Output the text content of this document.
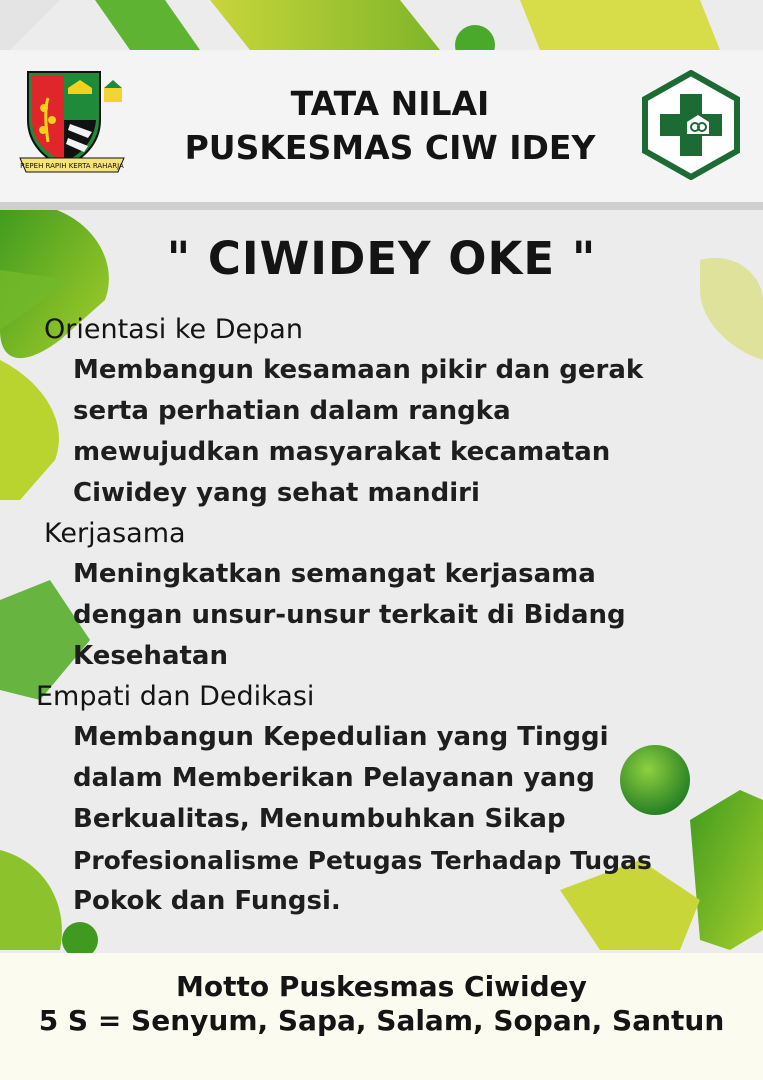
REPEH RAPIH KERTA RAHARJA
TATA NILAI
PUSKESMAS CIW IDEY
" CIWIDEY OKE "

Orientasi ke Depan

Membangun kesamaan pikir dan gerak

serta perhatian dalam rangka

mewujudkan masyarakat kecamatan

Ciwidey yang sehat mandiri

Kerjasama

Meningkatkan semangat kerjasama

dengan unsur-unsur terkait di Bidang

Kesehatan

Empati dan Dedikasi

Membangun Kepedulian yang Tinggi

dalam Memberikan Pelayanan yang

Berkualitas, Menumbuhkan Sikap

Profesionalisme Petugas Terhadap Tugas

Pokok dan Fungsi.

Motto Puskesmas Ciwidey
5 S = Senyum, Sapa, Salam, Sopan, Santun
